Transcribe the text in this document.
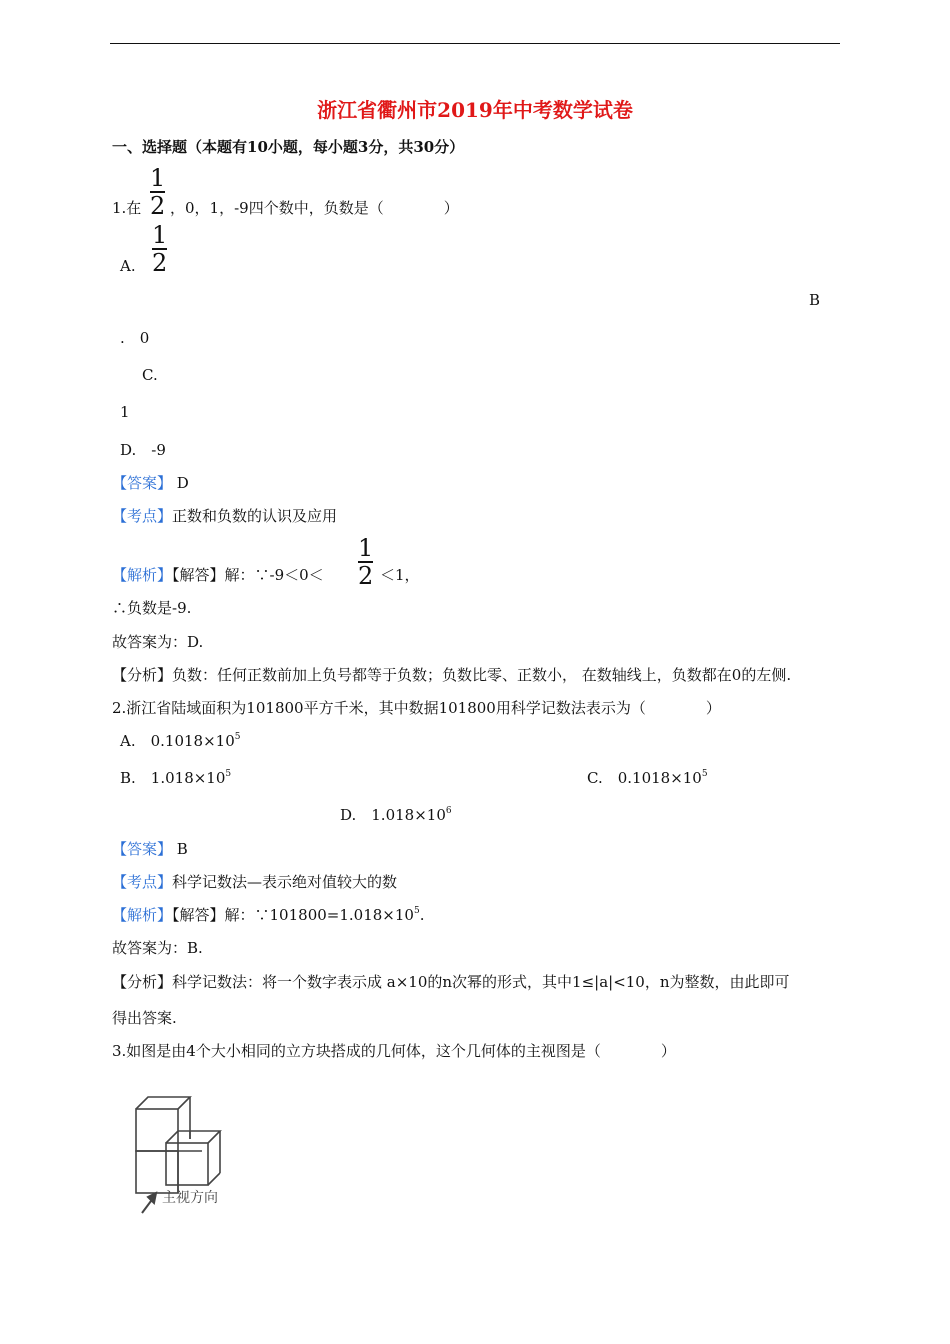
浙江省衢州市2019年中考数学试卷
一、选择题（本题有10小题，每小题3分，共30分）
1.在
1
2 ，0，1，-9四个数中，负数是（　　　　）
A.
1
2
B
.　0
C.
1
D.　-9
【答案】 D
【考点】正数和负数的认识及应用
【解析】【解答】解：∵-9＜0＜
1
2 ＜1，
∴负数是-9.
故答案为：D.
【分析】负数：任何正数前加上负号都等于负数；负数比零、正数小， 在数轴线上，负数都在0的左侧.
2.浙江省陆域面积为101800平方千米，其中数据101800用科学记数法表示为（　　　　）
A.　$0.1018\times 10^5$
B.　$1.018\times 10^5$	C.　$0.1018\times 10^5$
D.　$1.018\times 10^6$
【答案】 B
【考点】科学记数法—表示绝对值较大的数
【解析】【解答】解：$\because 101800=1.018\times 10^5$.
故答案为：B.
【分析】科学记数法：将一个数字表示成 a×10的n次幂的形式，其中1≤|a|<10，n为整数，由此即可
得出答案.
3.如图是由4个大小相同的立方块搭成的几何体，这个几何体的主视图是（　　　　）
主视方向
